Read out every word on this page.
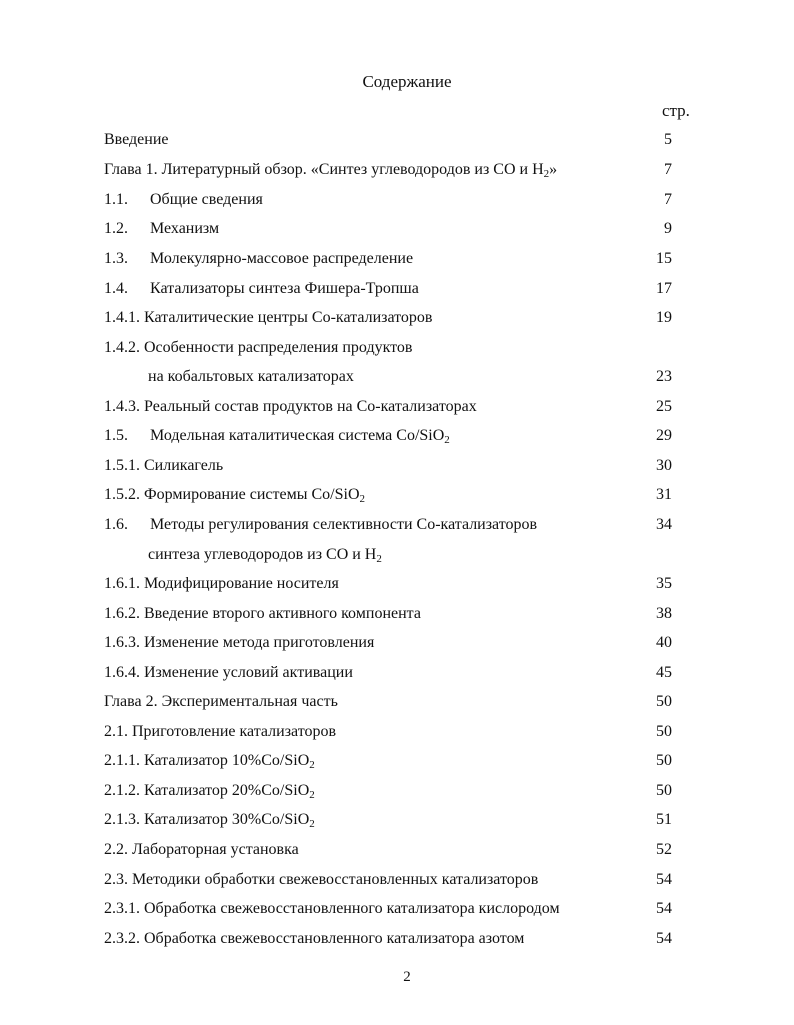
Содержание
стр.
Введение	5
Глава 1. Литературный обзор. «Синтез углеводородов из СО и $Н_2$»	7
1.1. Общие сведения	7
1.2. Механизм	9
1.3. Молекулярно-массовое распределение	15
1.4. Катализаторы синтеза Фишера-Тропша	17
1.4.1. Каталитические центры Со-катализаторов	19
1.4.2. Особенности распределения продуктов
на кобальтовых катализаторах	23
1.4.3. Реальный состав продуктов на Со-катализаторах	25
1.5. Модельная каталитическая система Co/SiO$_2$	29
1.5.1. Силикагель	30
1.5.2. Формирование системы Co/SiO$_2$	31
1.6. Методы регулирования селективности Со-катализаторов	34
синтеза углеводородов из СО и $Н_2$
1.6.1. Модифицирование носителя	35
1.6.2. Введение второго активного компонента	38
1.6.3. Изменение метода приготовления	40
1.6.4. Изменение условий активации	45
Глава 2. Экспериментальная часть	50
2.1. Приготовление катализаторов	50
2.1.1. Катализатор 10%Co/SiO$_2$	50
2.1.2. Катализатор 20%Co/SiO$_2$	50
2.1.3. Катализатор 30%Co/SiO$_2$	51
2.2. Лабораторная установка	52
2.3. Методики обработки свежевосстановленных катализаторов	54
2.3.1. Обработка свежевосстановленного катализатора кислородом	54
2.3.2. Обработка свежевосстановленного катализатора азотом	54
2
